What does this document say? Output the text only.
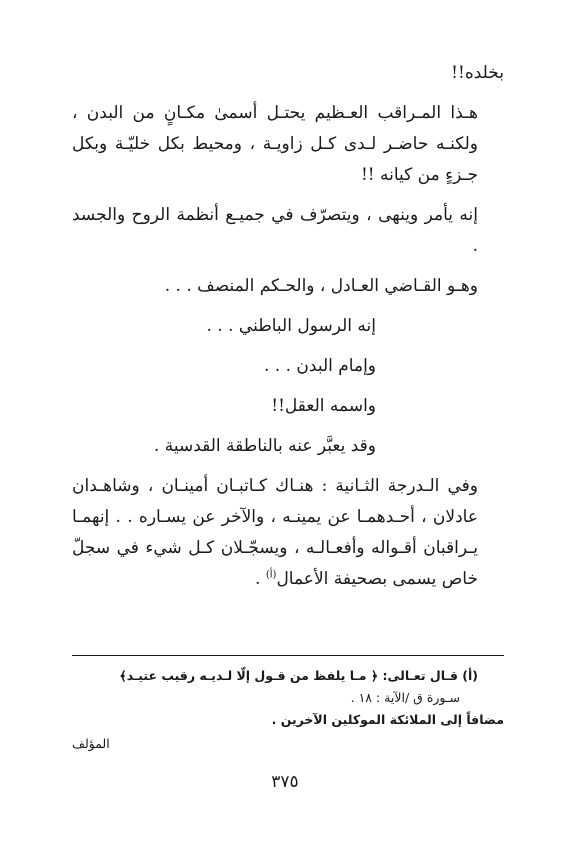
بخلده!!

هـذا المـراقب العـظيم يحتـل أسمىٰ مكـانٍ من البدن ، ولكنـه حاضـر لـدى كـل زاويـة ، ومحيط بكل خليّـة وبكل جـزءٍ من كيانه !!

إنه يأمر وينهى ، ويتصرّف في جميـع أنظمة الروح والجسد .

وهـو القـاضي العـادل ، والحـكم المنصف . . .

إنه الرسول الباطني . . .

وإمام البدن . . .

واسمه العقل!!

وقد يعبَّر عنه بالناطقة القدسية .

وفي الـدرجة الثـانية : هنـاك كـاتبـان أمينـان ، وشاهـدان عادلان ، أحـدهمـا عن يمينـه ، والآخر عن يسـاره . . إنهمـا يـراقبان أقـواله وأفعـالـه ، ويسجّـلان كـل شيء في سجلّ خاص يسمى بصحيفة الأعمال$^{(أ)}$ .

(أ) قـال تعـالى: ﴿ مـا يلفظ من قـول إلّا لـديـه رقيب عتيـد﴾

سـورة ق /الآية : ١٨ .

مضافاً إلى الملائكة الموكلين الآخرين .

المؤلف
٣٧٥
